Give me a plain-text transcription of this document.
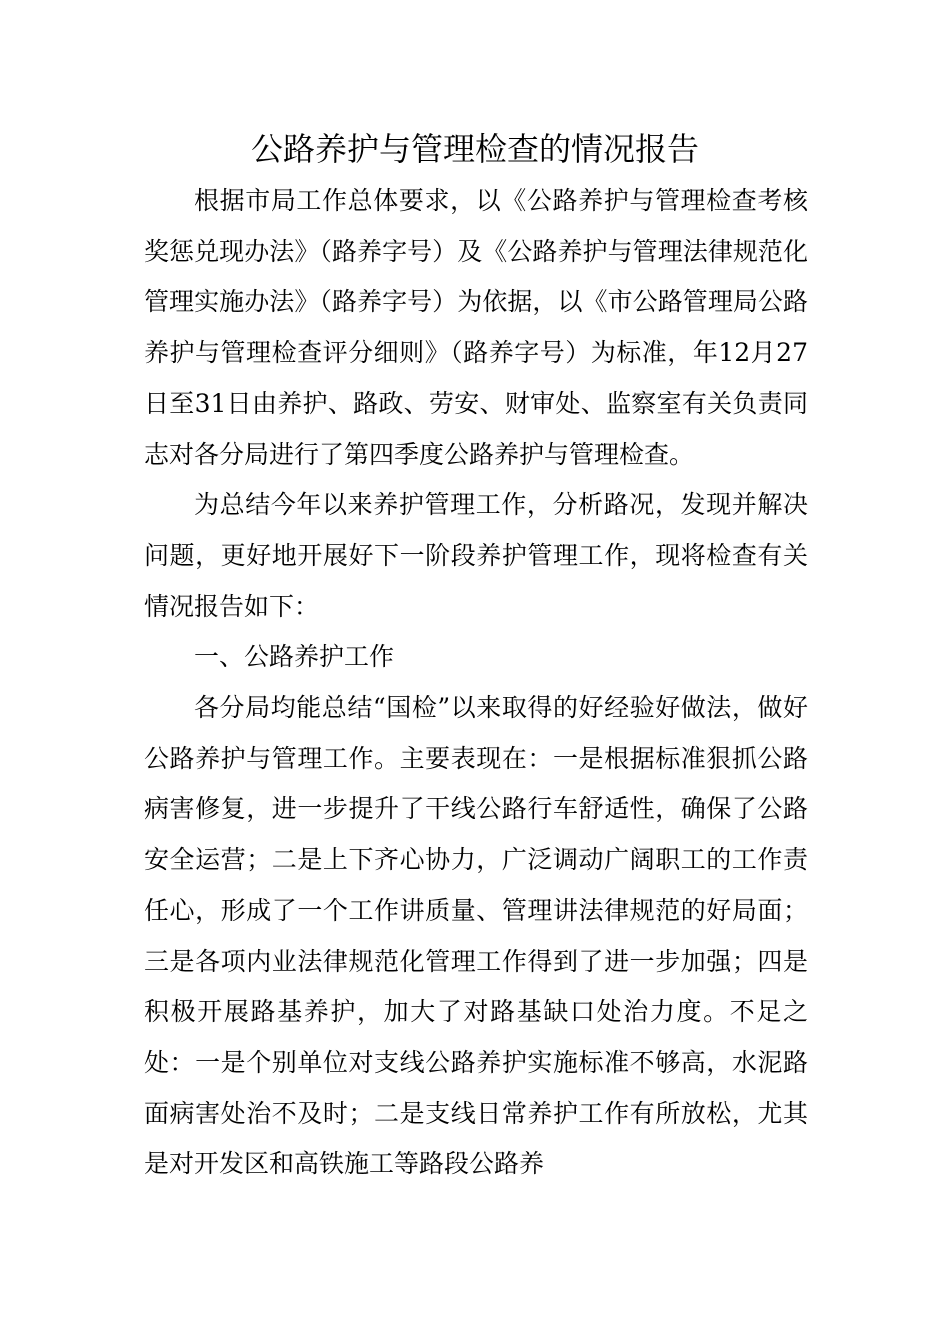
公路养护与管理检查的情况报告

根据市局工作总体要求，以《公路养护与管理检查考核奖惩兑现办法》（路养字号）及《公路养护与管理法律规范化管理实施办法》（路养字号）为依据，以《市公路管理局公路养护与管理检查评分细则》（路养字号）为标准，年12月27日至31日由养护、路政、劳安、财审处、监察室有关负责同志对各分局进行了第四季度公路养护与管理检查。

为总结今年以来养护管理工作，分析路况，发现并解决问题，更好地开展好下一阶段养护管理工作，现将检查有关情况报告如下：

一、公路养护工作

各分局均能总结“国检”以来取得的好经验好做法，做好公路养护与管理工作。主要表现在：一是根据标准狠抓公路病害修复，进一步提升了干线公路行车舒适性，确保了公路安全运营；二是上下齐心协力，广泛调动广阔职工的工作责任心，形成了一个工作讲质量、管理讲法律规范的好局面；三是各项内业法律规范化管理工作得到了进一步加强；四是积极开展路基养护，加大了对路基缺口处治力度。不足之处：一是个别单位对支线公路养护实施标准不够高，水泥路面病害处治不及时；二是支线日常养护工作有所放松，尤其是对开发区和高铁施工等路段公路养
